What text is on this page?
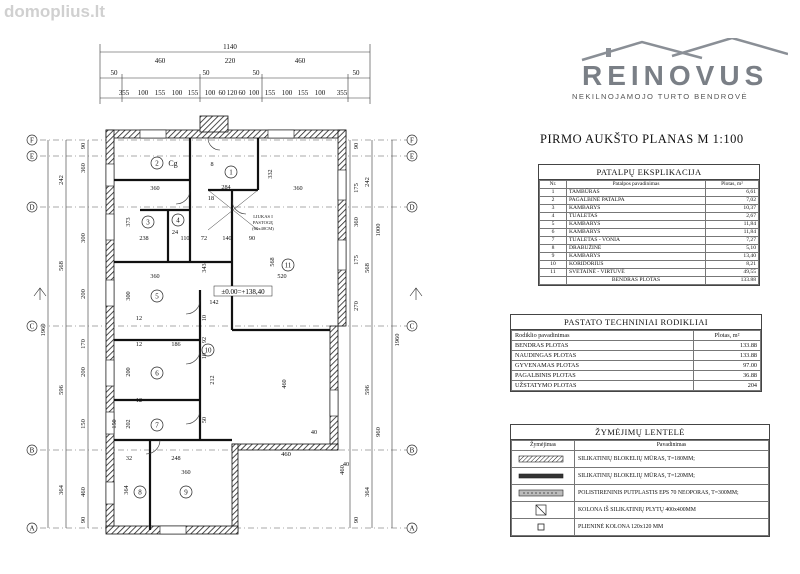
domoplius.lt
F
E
D
C
B
A
F
E
D
C
B
A
1140
460	220	460
50	50	50	50
355 100 155 100 155 100 60 120 60 100 155 100 155 100 355
1960
242
568
596
364
90
360
200
200
300
150
170
460
90
1960
1000
960
242
568
596
364
90
175
175
270
360
460
90
1
2
3	4
5
6
7
8	9
10
11
Cg
284
332
360	360
373
238	110 72 140	90
24
18
343
568
520
360
300
142
186
200
212	460
202
150
248
364
360
40
40
12
12
32
92
10
50
8
10
12
LIUKAS I
PASTOGĘ
(60x40CM)
±0.00=+138,40
460
REINOVUS
NEKILNOJAMOJO TURTO BENDROVĖ
PIRMO AUKŠTO PLANAS M 1:100
PATALPŲ EKSPLIKACIJA
Nr.	Patalpos pavadinimas	Plotas, m²
1	TAMBŪRAS	6,61
2	PAGALBINĖ PATALPA	7,02
3	KAMBARYS	10,37
4	TUALETAS	2,67
5	KAMBARYS	11,84
6	KAMBARYS	11,84
7	TUALETAS - VONIA	7,27
8	DRABUŽINĖ	5,10
9	KAMBARYS	13,40
10	KORIDORIUS	8,21
11	SVETAINĖ - VIRTUVĖ	49,55
	BENDRAS PLOTAS	133.88
PASTATO TECHNINIAI RODIKLIAI
Rodiklio pavadinimas	Plotas, m²
BENDRAS PLOTAS	133.88
NAUDINGAS PLOTAS	133.88
GYVENAMAS PLOTAS	97.00
PAGALBINIS PLOTAS	36.88
UŽSTATYMO PLOTAS	204
ŽYMĖJIMŲ LENTELĖ
Žymėjimas	Pavadinimas

	SILIKATINIŲ BLOKELIŲ MŪRAS, T=180MM;

	SILIKATINIŲ BLOKELIŲ MŪRAS, T=120MM;

	POLISTIRENINIS PUTPLASTIS EPS 70 NEOPORAS, T=300MM;

	KOLONA IŠ SILIKATINIŲ PLYTŲ 400x400MM

	PLIENINĖ KOLONA 120x120 MM
